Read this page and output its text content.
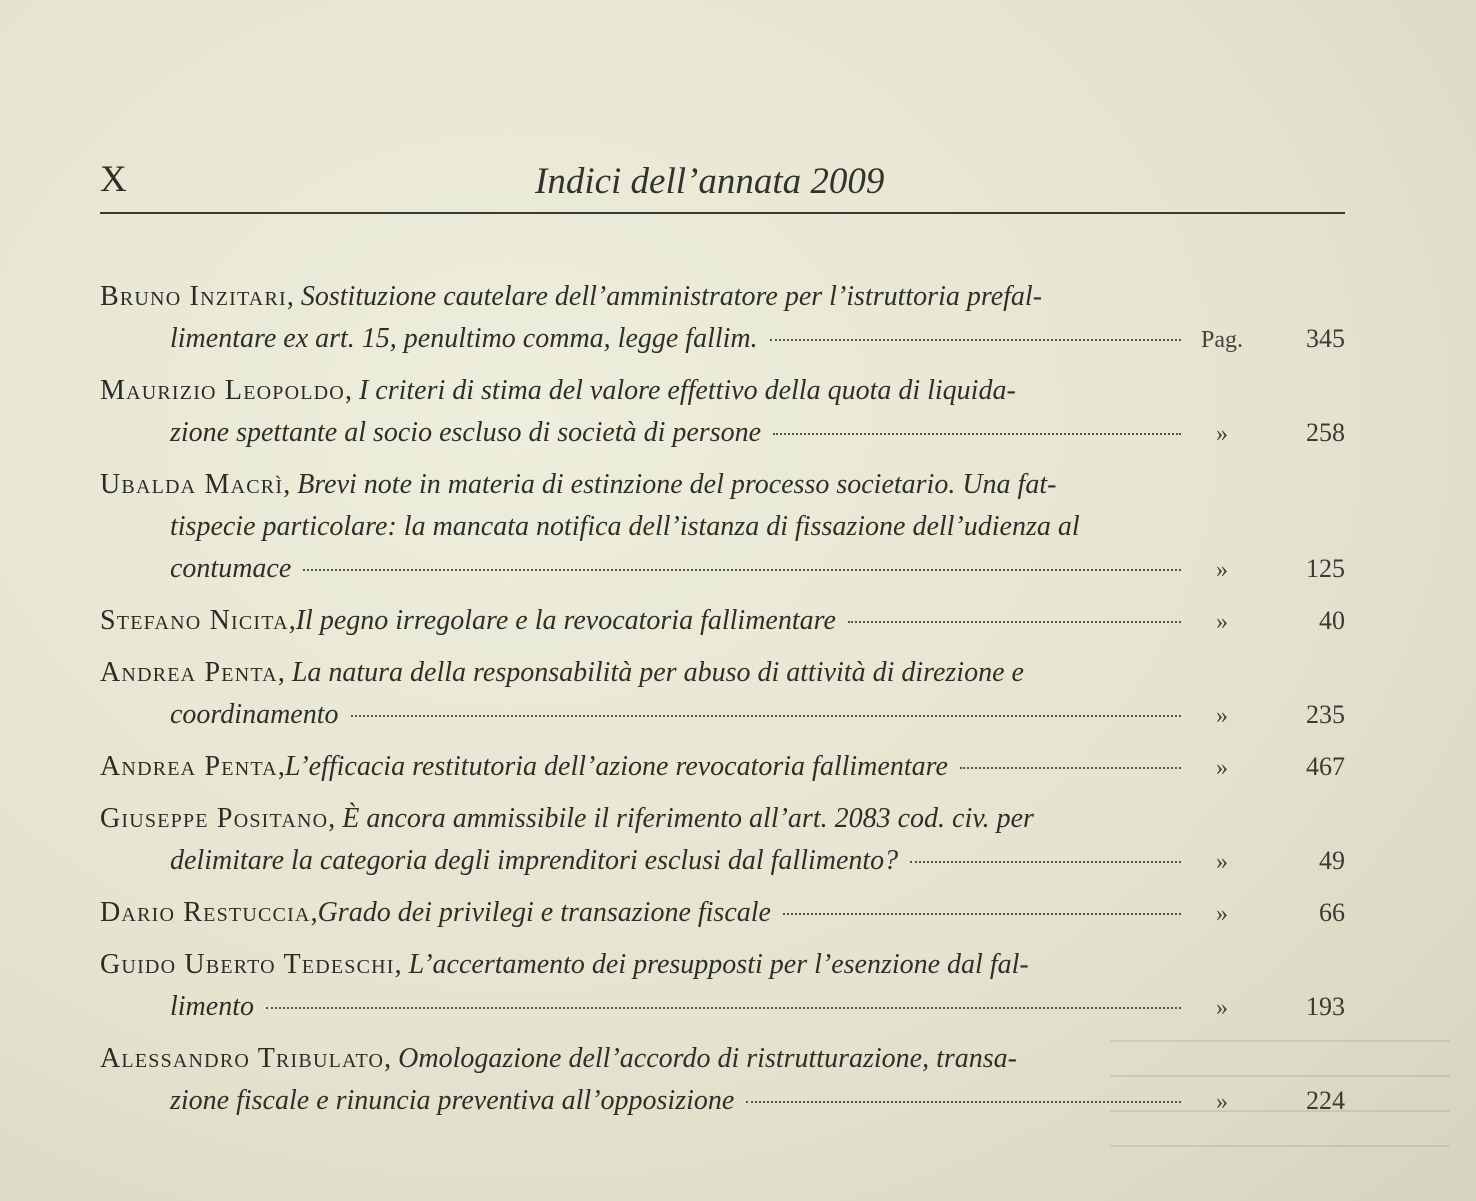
X	Indici dell’annata 2009
Bruno Inzitari, Sostituzione cautelare dell’amministratore per l’istruttoria prefal-
limentare ex art. 15, penultimo comma, legge fallim.	Pag.	345
Maurizio Leopoldo, I criteri di stima del valore effettivo della quota di liquida-
zione spettante al socio escluso di società di persone	»	258
Ubalda Macrì, Brevi note in materia di estinzione del processo societario. Una fat-
tispecie particolare: la mancata notifica dell’istanza di fissazione dell’udienza al
contumace	»	125
Stefano Nicita , Il pegno irregolare e la revocatoria fallimentare	»	40
Andrea Penta, La natura della responsabilità per abuso di attività di direzione e
coordinamento	»	235
Andrea Penta , L’efficacia restitutoria dell’azione revocatoria fallimentare	»	467
Giuseppe Positano, È ancora ammissibile il riferimento all’art. 2083 cod. civ. per
delimitare la categoria degli imprenditori esclusi dal fallimento?	»	49
Dario Restuccia , Grado dei privilegi e transazione fiscale	»	66
Guido Uberto Tedeschi, L’accertamento dei presupposti per l’esenzione dal fal-
limento	»	193
Alessandro Tribulato, Omologazione dell’accordo di ristrutturazione, transa-
zione fiscale e rinuncia preventiva all’opposizione	»	224
